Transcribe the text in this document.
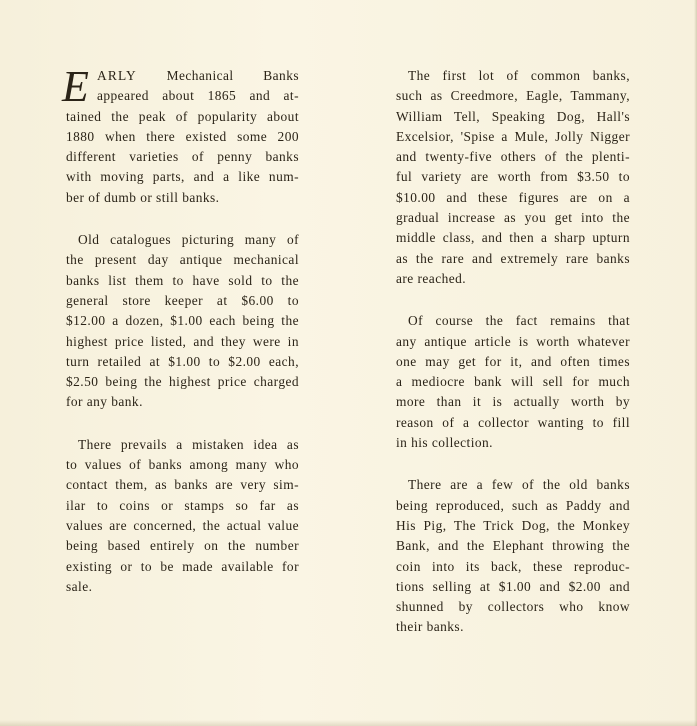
E ARLY Mechanical Banks
appeared about 1865 and at-
tained the peak of popularity about
1880 when there existed some 200
different varieties of penny banks
with moving parts, and a like num-
ber of dumb or still banks.
Old catalogues picturing many of
the present day antique mechanical
banks list them to have sold to the
general store keeper at $6.00 to
$12.00 a dozen, $1.00 each being the
highest price listed, and they were in
turn retailed at $1.00 to $2.00 each,
$2.50 being the highest price charged
for any bank.
There prevails a mistaken idea as
to values of banks among many who
contact them, as banks are very sim-
ilar to coins or stamps so far as
values are concerned, the actual value
being based entirely on the number
existing or to be made available for
sale.
The first lot of common banks,
such as Creedmore, Eagle, Tammany,
William Tell, Speaking Dog, Hall's
Excelsior, 'Spise a Mule, Jolly Nigger
and twenty-five others of the plenti-
ful variety are worth from $3.50 to
$10.00 and these figures are on a
gradual increase as you get into the
middle class, and then a sharp upturn
as the rare and extremely rare banks
are reached.
Of course the fact remains that
any antique article is worth whatever
one may get for it, and often times
a mediocre bank will sell for much
more than it is actually worth by
reason of a collector wanting to fill
in his collection.
There are a few of the old banks
being reproduced, such as Paddy and
His Pig, The Trick Dog, the Monkey
Bank, and the Elephant throwing the
coin into its back, these reproduc-
tions selling at $1.00 and $2.00 and
shunned by collectors who know
their banks.
